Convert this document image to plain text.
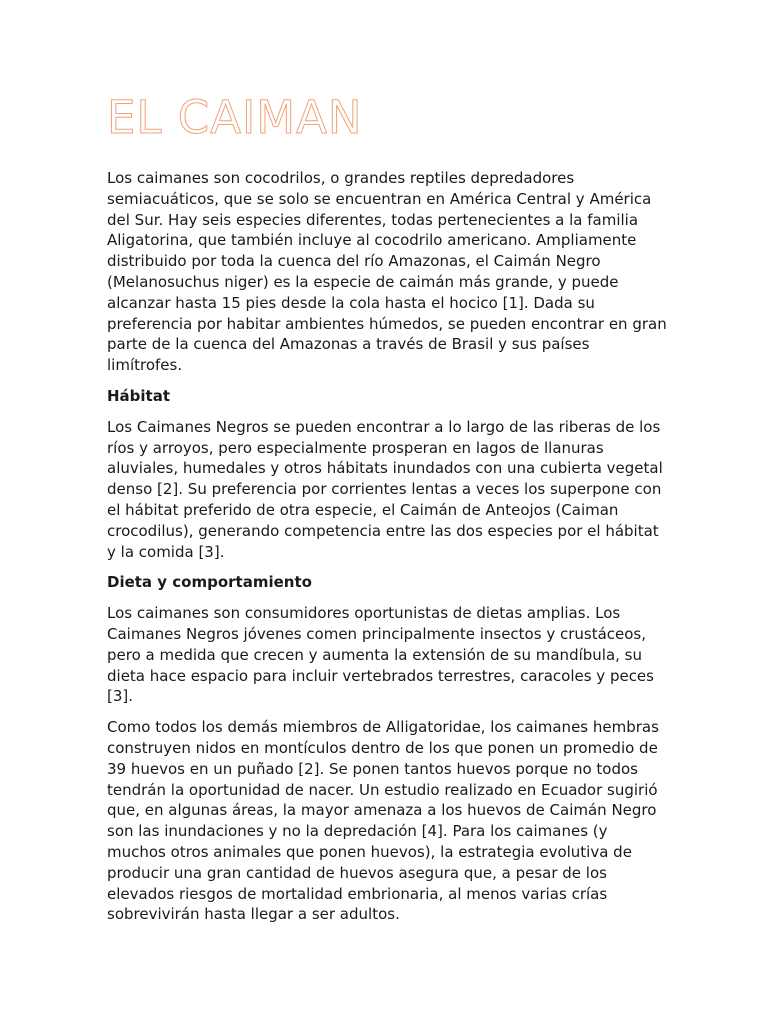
EL CAIMAN

Los caimanes son cocodrilos, o grandes reptiles depredadores semiacuáticos, que se solo se encuentran en América Central y América del Sur. Hay seis especies diferentes, todas pertenecientes a la familia Aligatorina, que también incluye al cocodrilo americano. Ampliamente distribuido por toda la cuenca del río Amazonas, el Caimán Negro (Melanosuchus niger) es la especie de caimán más grande, y puede alcanzar hasta 15 pies desde la cola hasta el hocico [1]. Dada su preferencia por habitar ambientes húmedos, se pueden encontrar en gran parte de la cuenca del Amazonas a través de Brasil y sus países limítrofes.

Hábitat

Los Caimanes Negros se pueden encontrar a lo largo de las riberas de los ríos y arroyos, pero especialmente prosperan en lagos de llanuras aluviales, humedales y otros hábitats inundados con una cubierta vegetal denso [2]. Su preferencia por corrientes lentas a veces los superpone con el hábitat preferido de otra especie, el Caimán de Anteojos (Caiman crocodilus), generando competencia entre las dos especies por el hábitat y la comida [3].

Dieta y comportamiento

Los caimanes son consumidores oportunistas de dietas amplias. Los Caimanes Negros jóvenes comen principalmente insectos y crustáceos, pero a medida que crecen y aumenta la extensión de su mandíbula, su dieta hace espacio para incluir vertebrados terrestres, caracoles y peces [3].

Como todos los demás miembros de Alligatoridae, los caimanes hembras construyen nidos en montículos dentro de los que ponen un promedio de 39 huevos en un puñado [2]. Se ponen tantos huevos porque no todos tendrán la oportunidad de nacer. Un estudio realizado en Ecuador sugirió que, en algunas áreas, la mayor amenaza a los huevos de Caimán Negro son las inundaciones y no la depredación [4]. Para los caimanes (y muchos otros animales que ponen huevos), la estrategia evolutiva de producir una gran cantidad de huevos asegura que, a pesar de los elevados riesgos de mortalidad embrionaria, al menos varias crías sobrevivirán hasta llegar a ser adultos.
